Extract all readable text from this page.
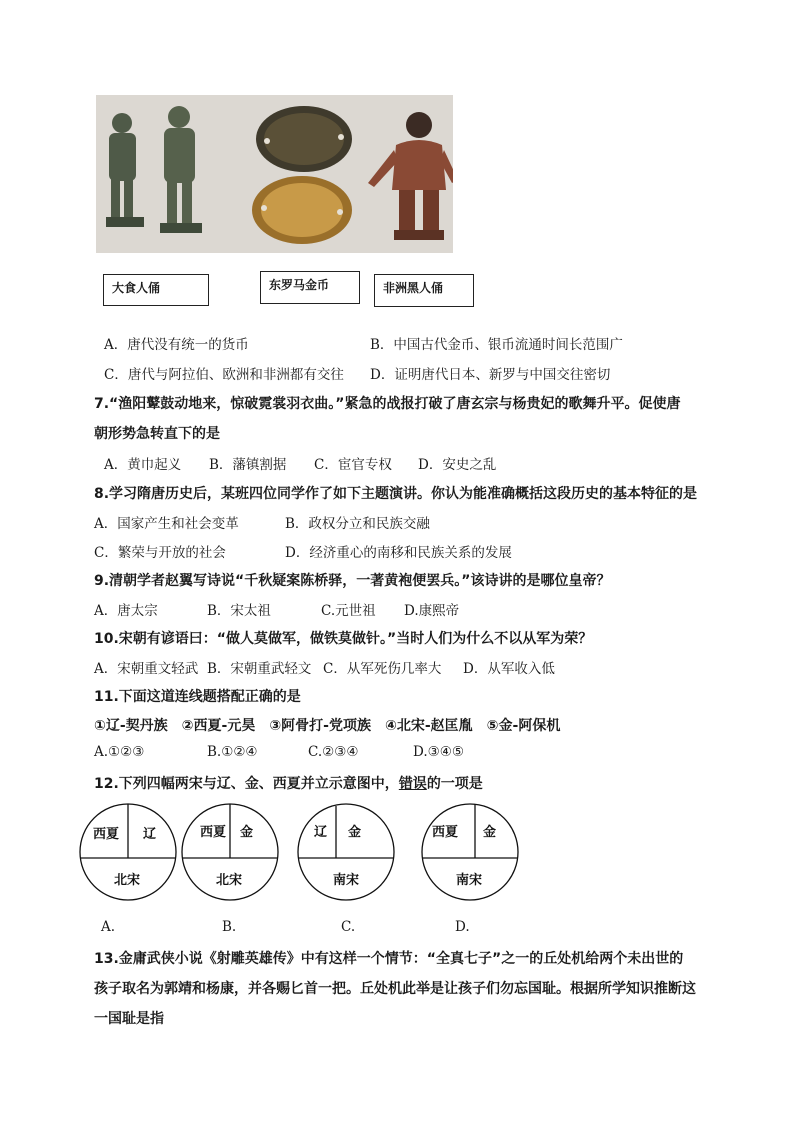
大食人俑	东罗马金币	非洲黑人俑
A．唐代没有统一的货币	B．中国古代金币、银币流通时间长范围广
C．唐代与阿拉伯、欧洲和非洲都有交往 D．证明唐代日本、新罗与中国交往密切
7.“渔阳鼙鼓动地来，惊破霓裳羽衣曲。”紧急的战报打破了唐玄宗与杨贵妃的歌舞升平。促使唐
朝形势急转直下的是
A．黄巾起义 B．藩镇割据 C．宦官专权 D．安史之乱
8.学习隋唐历史后，某班四位同学作了如下主题演讲。你认为能准确概括这段历史的基本特征的是
A．国家产生和社会变革	B．政权分立和民族交融
C．繁荣与开放的社会	D．经济重心的南移和民族关系的发展
9.清朝学者赵翼写诗说“千秋疑案陈桥驿，一著黄袍便罢兵。”该诗讲的是哪位皇帝？
A．唐太宗	B．宋太祖	C.元世祖 D.康熙帝
10.宋朝有谚语曰：“做人莫做军，做铁莫做针。”当时人们为什么不以从军为荣？
A．宋朝重文轻武 B．宋朝重武轻文 C．从军死伤几率大 D．从军收入低
11.下面这道连线题搭配正确的是
①辽-契丹族　②西夏-元昊　③阿骨打-党项族　④北宋-赵匡胤　⑤金-阿保机
A.①②③	B.①②④	C.②③④	D.③④⑤
12.下列四幅两宋与辽、金、西夏并立示意图中，错误的一项是
西夏 辽
北宋
西夏 金
北宋
辽 金
南宋
西夏 金
南宋
A.	B.	C.	D.
13.金庸武侠小说《射雕英雄传》中有这样一个情节：“全真七子”之一的丘处机给两个未出世的
孩子取名为郭靖和杨康，并各赐匕首一把。丘处机此举是让孩子们勿忘国耻。根据所学知识推断这
一国耻是指
